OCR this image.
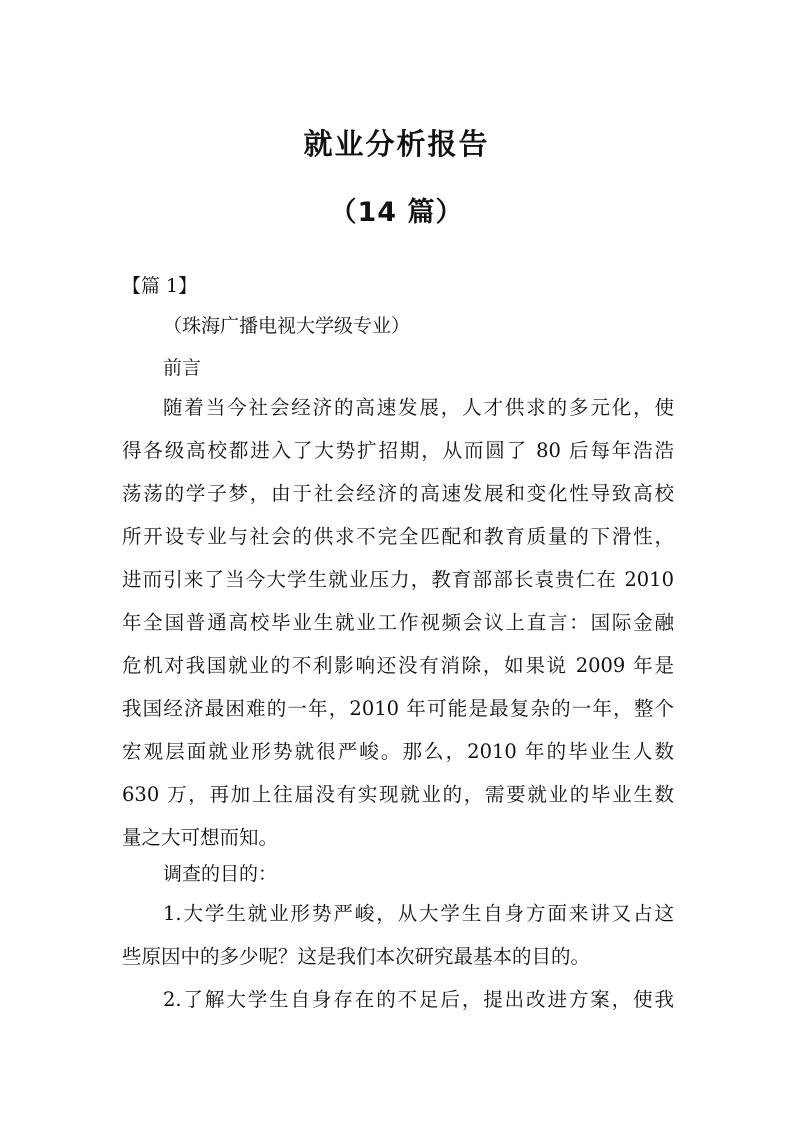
就业分析报告
（14 篇）
【篇 1】
（珠海广播电视大学级专业）
前言
随着当今社会经济的高速发展，人才供求的多元化，使
得各级高校都进入了大势扩招期，从而圆了 80 后每年浩浩
荡荡的学子梦，由于社会经济的高速发展和变化性导致高校
所开设专业与社会的供求不完全匹配和教育质量的下滑性，
进而引来了当今大学生就业压力，教育部部长袁贵仁在 2010
年全国普通高校毕业生就业工作视频会议上直言：国际金融
危机对我国就业的不利影响还没有消除，如果说 2009 年是
我国经济最困难的一年，2010 年可能是最复杂的一年，整个
宏观层面就业形势就很严峻。那么，2010 年的毕业生人数
630 万，再加上往届没有实现就业的，需要就业的毕业生数
量之大可想而知。
调查的目的：
1.大学生就业形势严峻，从大学生自身方面来讲又占这
些原因中的多少呢？这是我们本次研究最基本的目的。
2.了解大学生自身存在的不足后，提出改进方案，使我
